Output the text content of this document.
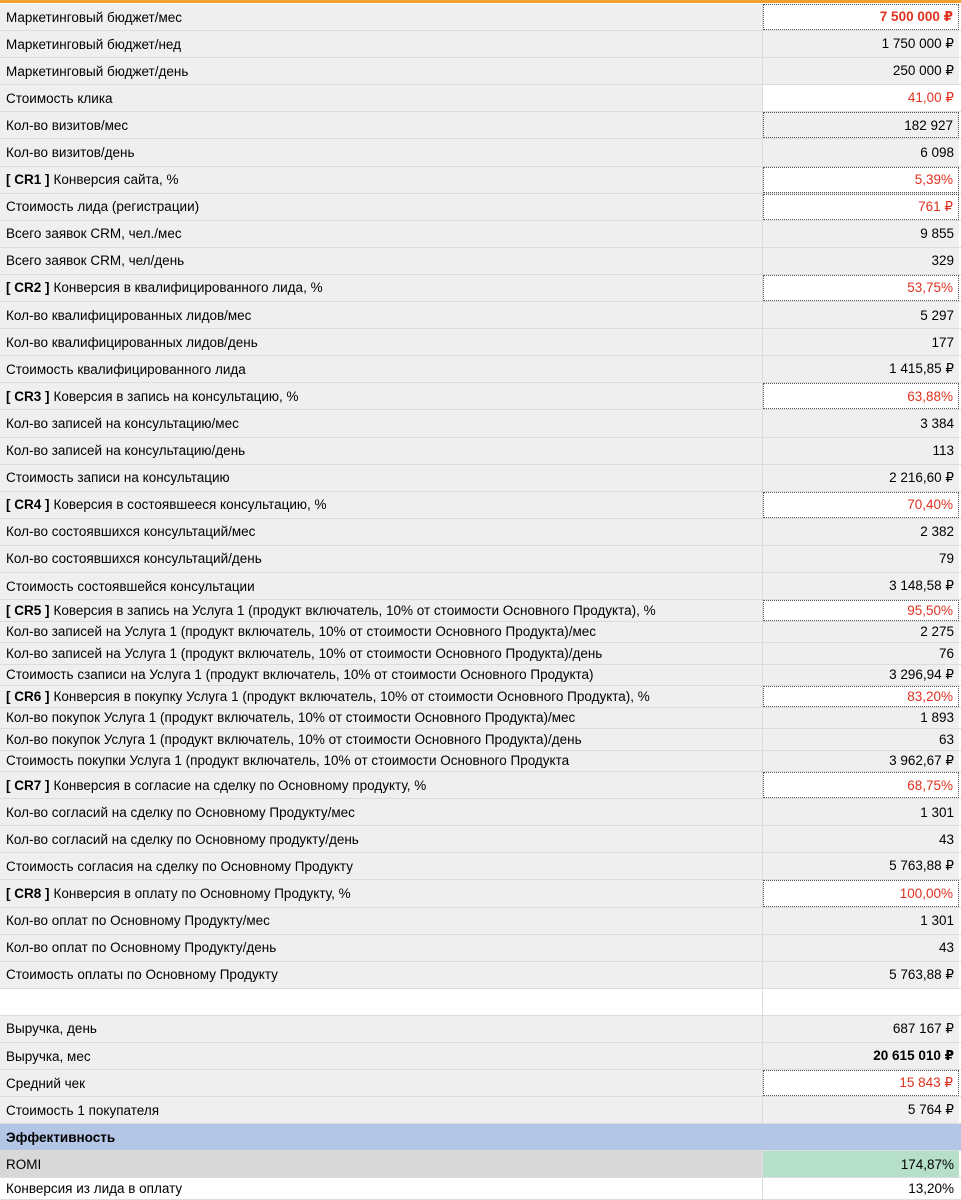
Маркетинговый бюджет/мес	7 500 000 ₽
Маркетинговый бюджет/нед	1 750 000 ₽
Маркетинговый бюджет/день	250 000 ₽
Стоимость клика	41,00 ₽
Кол-во визитов/мес	182 927
Кол-во визитов/день	6 098
[ CR1 ] Конверсия сайта, %	5,39%
Стоимость лида (регистрации)	761 ₽
Всего заявок CRM, чел./мес	9 855
Всего заявок CRM, чел/день	329
[ CR2 ] Конверсия в квалифицированного лида, %	53,75%
Кол-во квалифицированных лидов/мес	5 297
Кол-во квалифицированных лидов/день	177
Стоимость квалифицированного лида	1 415,85 ₽
[ CR3 ] Коверсия в запись на консультацию, %	63,88%
Кол-во записей на консультацию/мес	3 384
Кол-во записей на консультацию/день	113
Стоимость записи на консультацию	2 216,60 ₽
[ CR4 ] Коверсия в состоявшееся консультацию, %	70,40%
Кол-во состоявшихся консультаций/мес	2 382
Кол-во состоявшихся консультаций/день	79
Стоимость состоявшейся консультации	3 148,58 ₽
[ CR5 ] Коверсия в запись на Услуга 1 (продукт включатель, 10% от стоимости Основного Продукта), %	95,50%
Кол-во записей на Услуга 1 (продукт включатель, 10% от стоимости Основного Продукта)/мес	2 275
Кол-во записей на Услуга 1 (продукт включатель, 10% от стоимости Основного Продукта)/день	76
Стоимость сзаписи на Услуга 1 (продукт включатель, 10% от стоимости Основного Продукта)	3 296,94 ₽
[ CR6 ] Конверсия в покупку Услуга 1 (продукт включатель, 10% от стоимости Основного Продукта), %	83,20%
Кол-во покупок Услуга 1 (продукт включатель, 10% от стоимости Основного Продукта)/мес	1 893
Кол-во покупок Услуга 1 (продукт включатель, 10% от стоимости Основного Продукта)/день	63
Стоимость покупки Услуга 1 (продукт включатель, 10% от стоимости Основного Продукта	3 962,67 ₽
[ CR7 ] Конверсия в согласие на сделку по Основному продукту, %	68,75%
Кол-во согласий на сделку по Основному Продукту/мес	1 301
Кол-во согласий на сделку по Основному продукту/день	43
Стоимость согласия на сделку по Основному Продукту	5 763,88 ₽
[ CR8 ] Конверсия в оплату по Основному Продукту, %	100,00%
Кол-во оплат по Основному Продукту/мес	1 301
Кол-во оплат по Основному Продукту/день	43
Стоимость оплаты по Основному Продукту	5 763,88 ₽
Выручка, день	687 167 ₽
Выручка, мес	20 615 010 ₽
Средний чек	15 843 ₽
Стоимость 1 покупателя	5 764 ₽
Эффективность
ROMI	174,87%
Конверсия из лида в оплату	13,20%
